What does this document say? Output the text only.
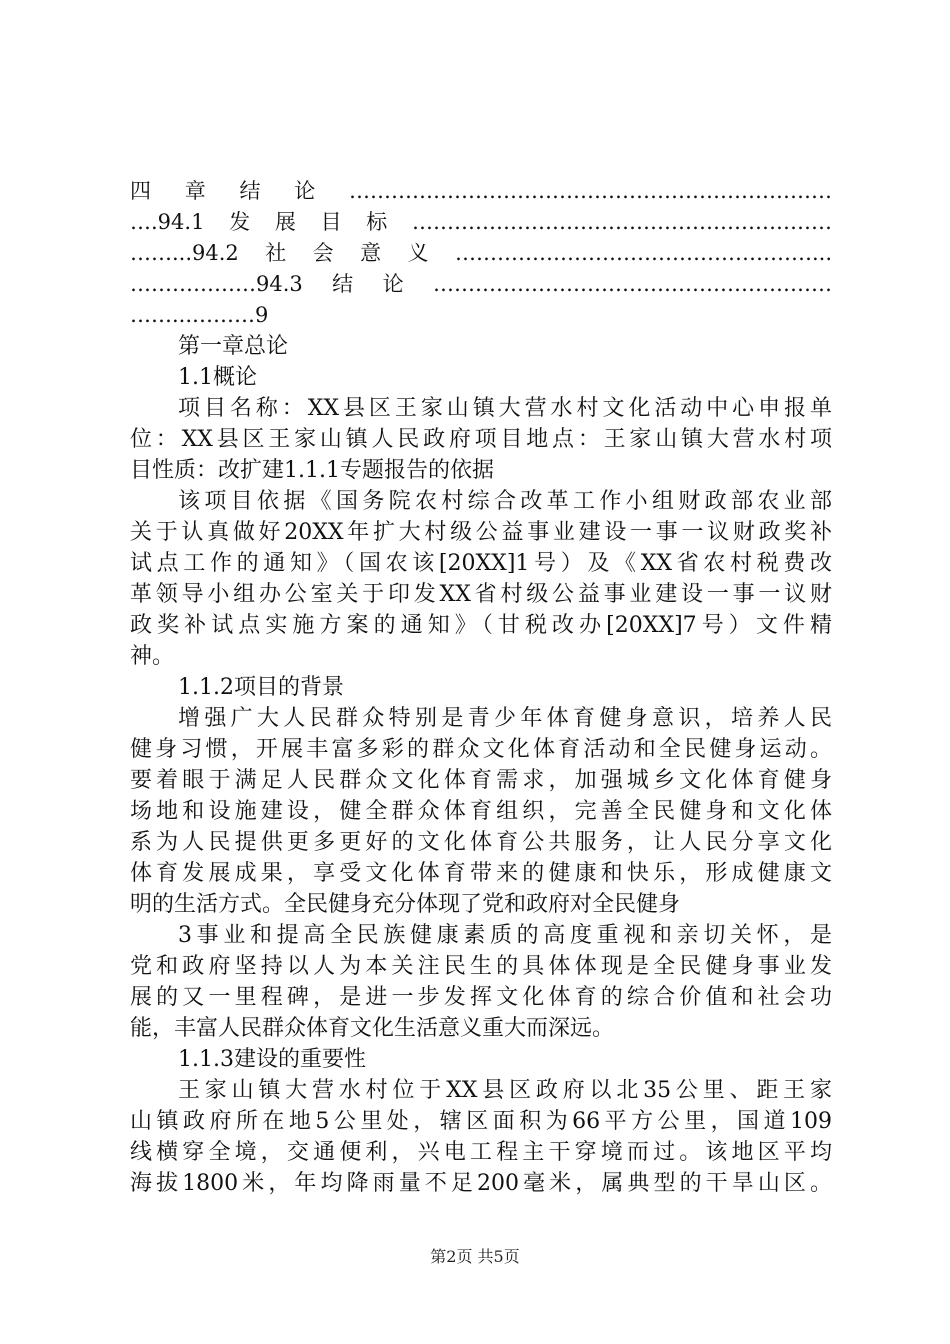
四章结论……………………………………………………………
….94.1发展目标……………………………………………………
……...94.2社会意义……………………………………………...
………………94.3结论…………………………………………………
……...………9
第一章总论
1.1概论
项目名称：XX县区王家山镇大营水村文化活动中心申报单
位：XX县区王家山镇人民政府项目地点：王家山镇大营水村项
目性质：改扩建1.1.1专题报告的依据
该项目依据《国务院农村综合改革工作小组财政部农业部
关于认真做好20XX年扩大村级公益事业建设一事一议财政奖补
试点工作的通知》（国农该[20XX]1号）及《XX省农村税费改
革领导小组办公室关于印发XX省村级公益事业建设一事一议财
政奖补试点实施方案的通知》（甘税改办[20XX]7号）文件精
神。
1.1.2项目的背景
增强广大人民群众特别是青少年体育健身意识，培养人民
健身习惯，开展丰富多彩的群众文化体育活动和全民健身运动。
要着眼于满足人民群众文化体育需求，加强城乡文化体育健身
场地和设施建设，健全群众体育组织，完善全民健身和文化体
系为人民提供更多更好的文化体育公共服务，让人民分享文化
体育发展成果，享受文化体育带来的健康和快乐，形成健康文
明的生活方式。全民健身充分体现了党和政府对全民健身
3事业和提高全民族健康素质的高度重视和亲切关怀，是
党和政府坚持以人为本关注民生的具体体现是全民健身事业发
展的又一里程碑，是进一步发挥文化体育的综合价值和社会功
能，丰富人民群众体育文化生活意义重大而深远。
1.1.3建设的重要性
王家山镇大营水村位于XX县区政府以北35公里、距王家
山镇政府所在地5公里处，辖区面积为66平方公里，国道109
线横穿全境，交通便利，兴电工程主干穿境而过。该地区平均
海拔1800米，年均降雨量不足200毫米，属典型的干旱山区。
第2页 共5页
